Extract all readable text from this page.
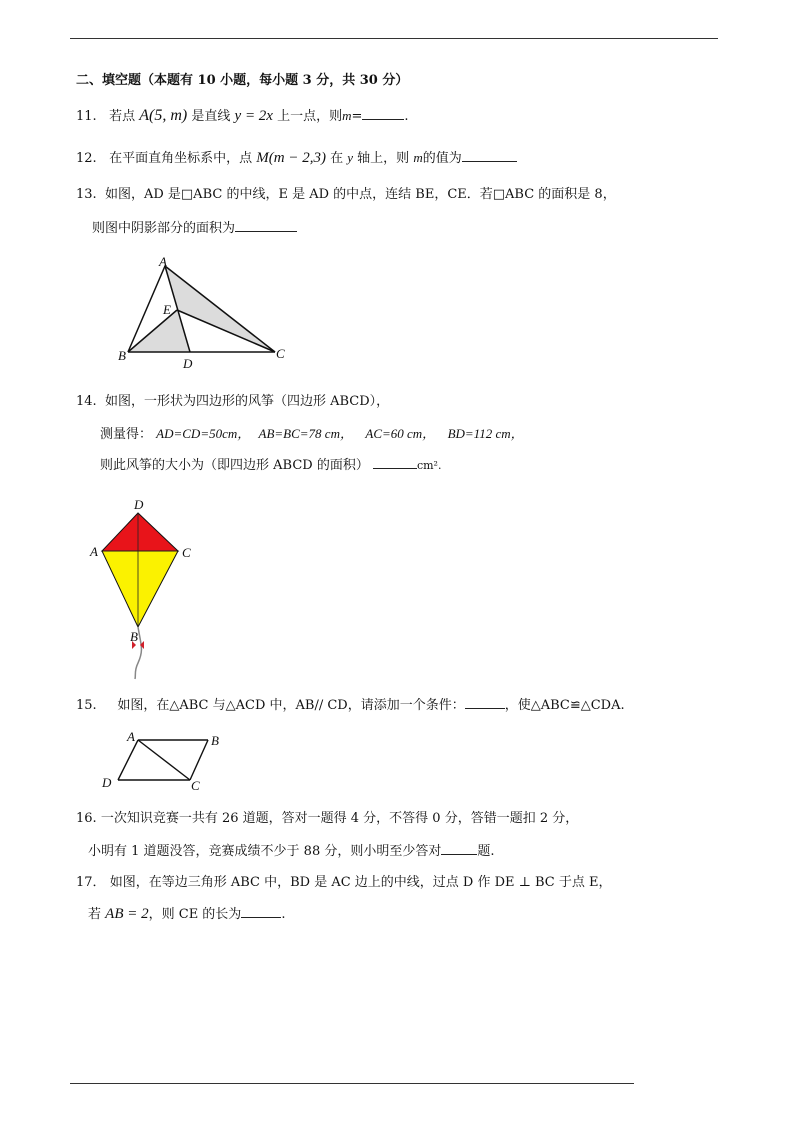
二、填空题（本题有 10 小题，每小题 3 分，共 30 分）
11. 若点 A(5, m) 是直线 y = 2x 上一点，则m=	.
12. 在平面直角坐标系中，点 M(m − 2,3) 在 y 轴上，则 m的值为
13. 如图，AD 是□ABC 的中线，E 是 AD 的中点，连结 BE，CE．若□ABC 的面积是 8，
则图中阴影部分的面积为
A
E
B
D
C
14. 如图，一形状为四边形的风筝（四边形 ABCD），
测量得： AD=CD=50cm， AB=BC=78 cm， AC=60 cm， BD=112 cm，
则此风筝的大小为（即四边形 ABCD 的面积）	cm².
D
A	C
B
15. 如图，在△ABC 与△ACD 中，AB// CD，请添加一个条件：	，使△ABC≌△CDA.
A	B
D	C
16. 一次知识竞赛一共有 26 道题，答对一题得 4 分，不答得 0 分，答错一题扣 2 分，
小明有 1 道题没答，竞赛成绩不少于 88 分，则小明至少答对	题.
17． 如图，在等边三角形 ABC 中，BD 是 AC 边上的中线，过点 D 作 DE ⊥ BC 于点 E，
若 AB = 2，则 CE 的长为	.
